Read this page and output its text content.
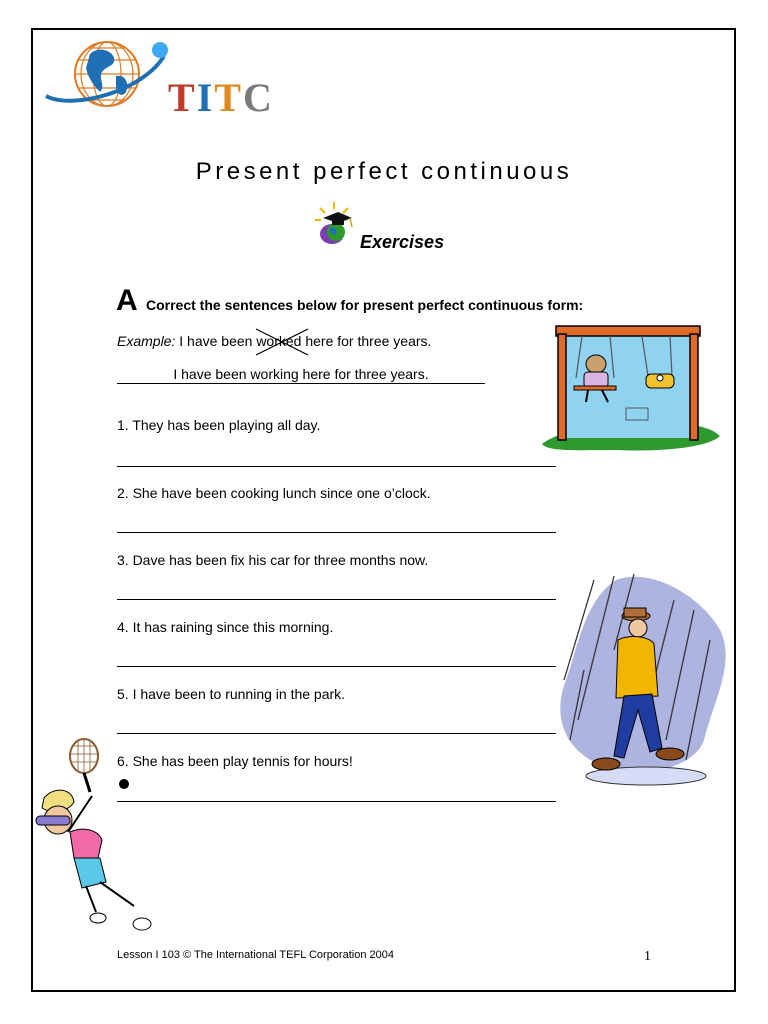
TITC
Present perfect continuous
Exercises
A Correct the sentences below for present perfect continuous form:
Example: I have been worked
here for three years.
I have been working here for three years.
1. They has been playing all day.
2. She have been cooking lunch since one o’clock.
3. Dave has been fix his car for three months now.
4. It has raining since this morning.
5. I have been to running in the park.
6. She has been play tennis for hours!
Lesson I 103 © The International TEFL Corporation 2004	1
